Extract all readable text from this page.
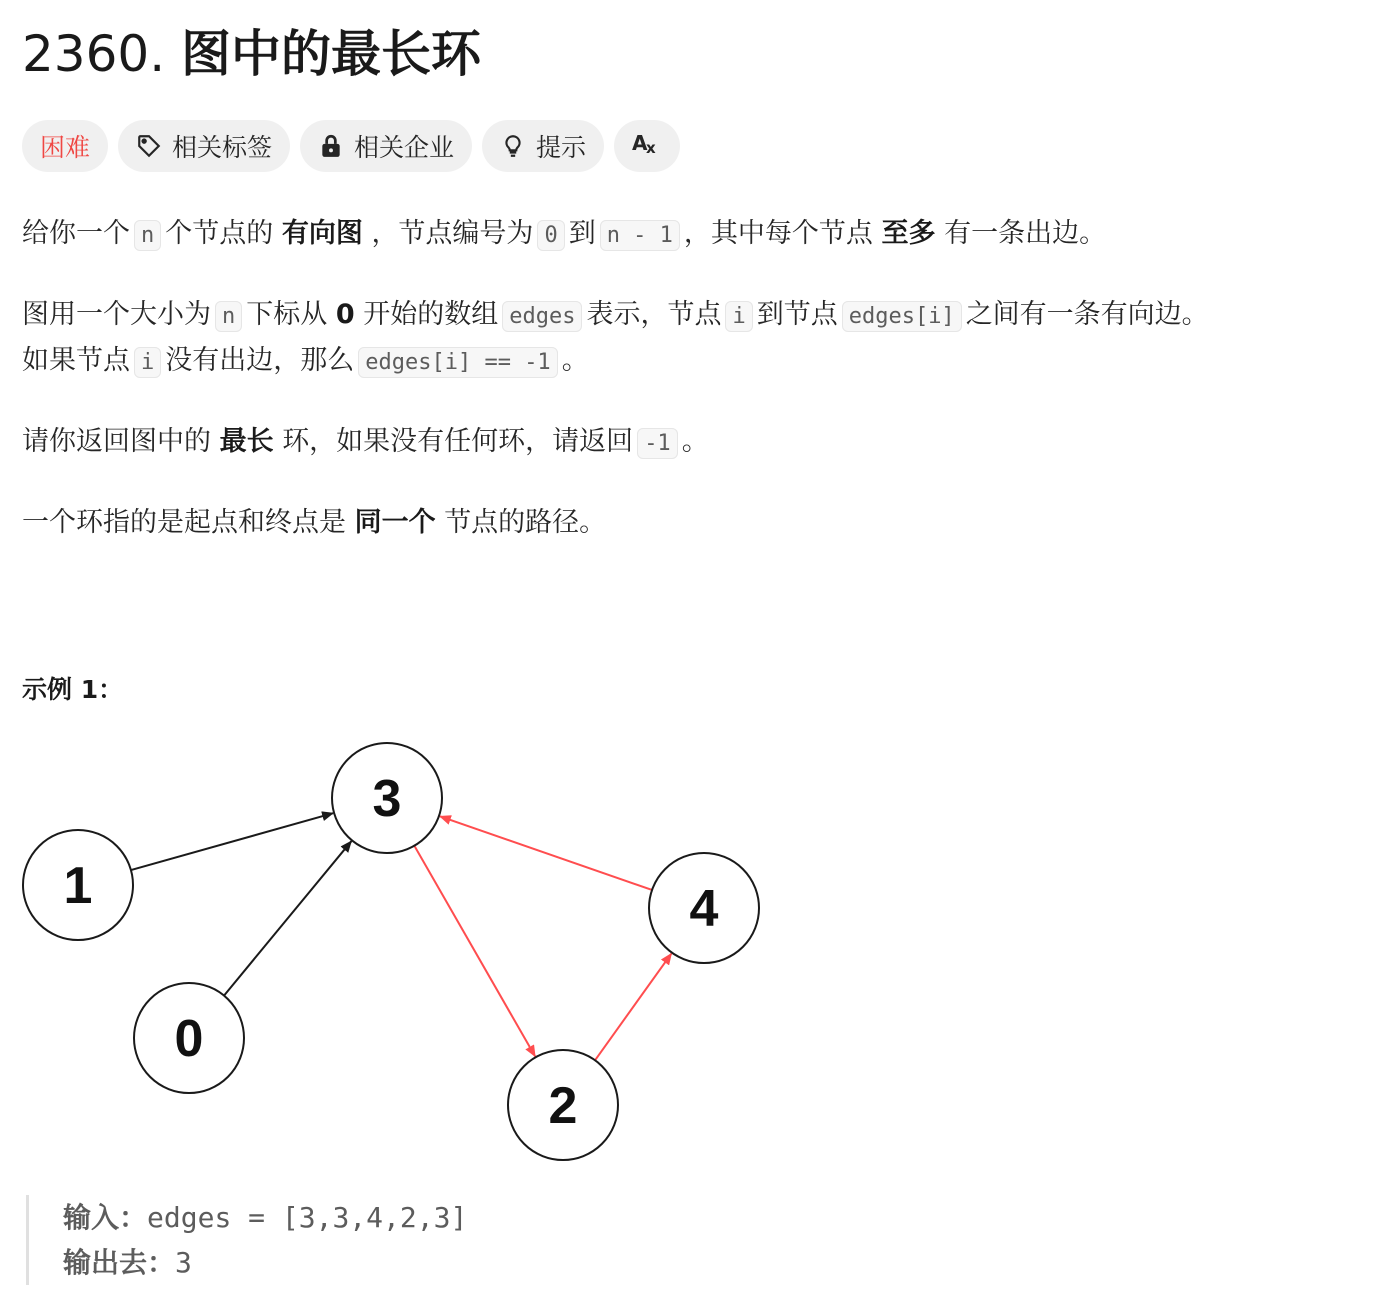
2360. 图中的最长环
困难	相关标签	相关企业	提示 A
x

给你一个 n 个节点的 有向图 ，节点编号为 0 到 n - 1 ，其中每个节点 至多 有一条出边。

图用一个大小为 n 下标从 0 开始的数组 edges 表示，节点 i 到节点 edges[i] 之间有一条有向边。

如果节点 i 没有出边，那么 edges[i] == -1 。

请你返回图中的 最长 环，如果没有任何环，请返回 -1 。

一个环指的是起点和终点是 同一个 节点的路径。

示例 1：

0
1
2
3
4
输入：edges = [3,3,4,2,3]
输出去：3
